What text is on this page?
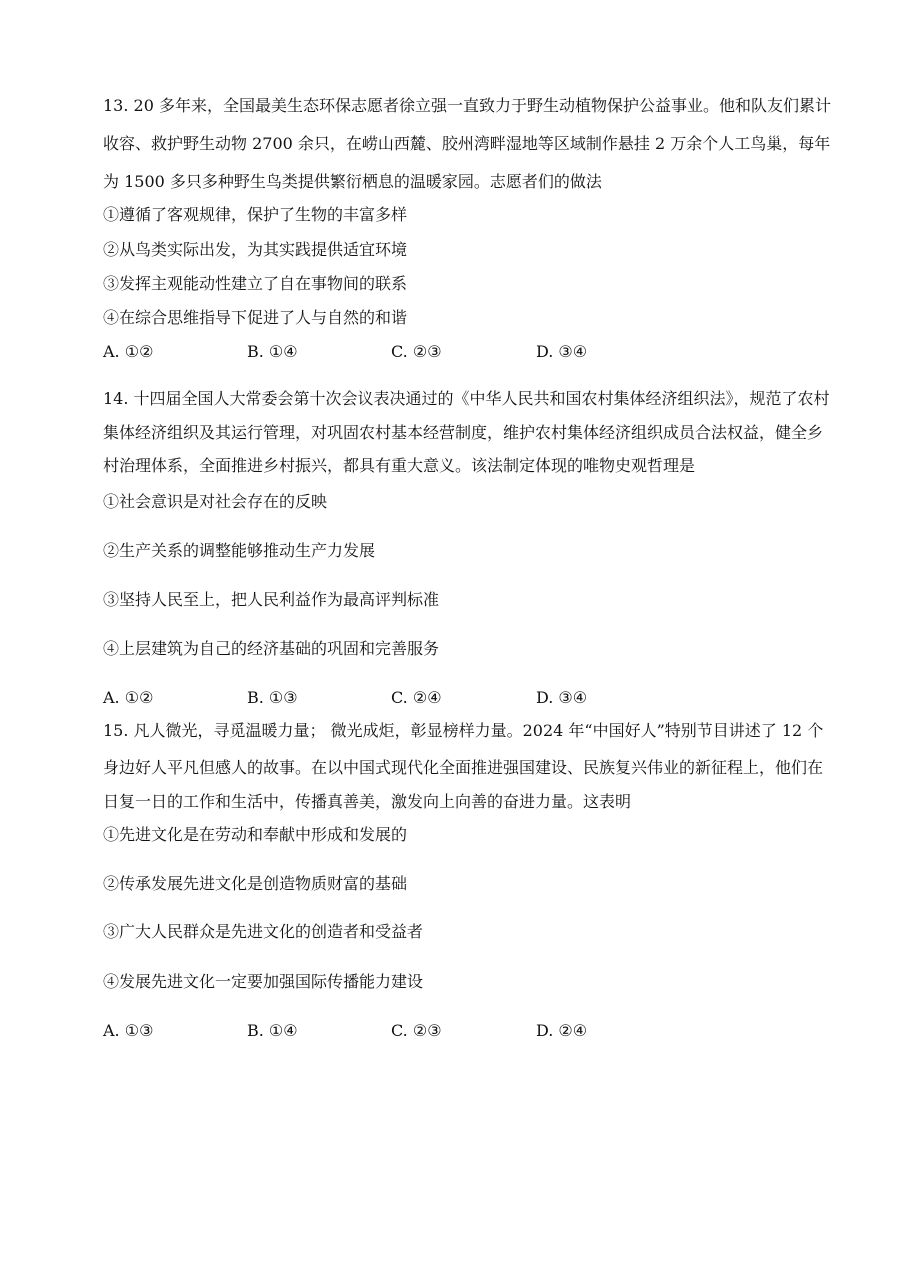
13. 20 多年来，全国最美生态环保志愿者徐立强一直致力于野生动植物保护公益事业。他和队友们累计
收容、救护野生动物 2700 余只，在崂山西麓、胶州湾畔湿地等区域制作悬挂 2 万余个人工鸟巢，每年
为 1500 多只多种野生鸟类提供繁衍栖息的温暖家园。志愿者们的做法
①遵循了客观规律，保护了生物的丰富多样
②从鸟类实际出发，为其实践提供适宜环境
③发挥主观能动性建立了自在事物间的联系
④在综合思维指导下促进了人与自然的和谐
A. ①②	B. ①④	C. ②③	D. ③④
14. 十四届全国人大常委会第十次会议表决通过的《中华人民共和国农村集体经济组织法》，规范了农村
集体经济组织及其运行管理，对巩固农村基本经营制度，维护农村集体经济组织成员合法权益，健全乡
村治理体系，全面推进乡村振兴，都具有重大意义。该法制定体现的唯物史观哲理是
①社会意识是对社会存在的反映
②生产关系的调整能够推动生产力发展
③坚持人民至上，把人民利益作为最高评判标准
④上层建筑为自己的经济基础的巩固和完善服务
A. ①②	B. ①③	C. ②④	D. ③④
15. 凡人微光，寻觅温暖力量； 微光成炬，彰显榜样力量。2024 年“中国好人”特别节目讲述了 12 个
身边好人平凡但感人的故事。在以中国式现代化全面推进强国建设、民族复兴伟业的新征程上，他们在
日复一日的工作和生活中，传播真善美，激发向上向善的奋进力量。这表明
①先进文化是在劳动和奉献中形成和发展的
②传承发展先进文化是创造物质财富的基础
③广大人民群众是先进文化的创造者和受益者
④发展先进文化一定要加强国际传播能力建设
A. ①③	B. ①④	C. ②③	D. ②④
